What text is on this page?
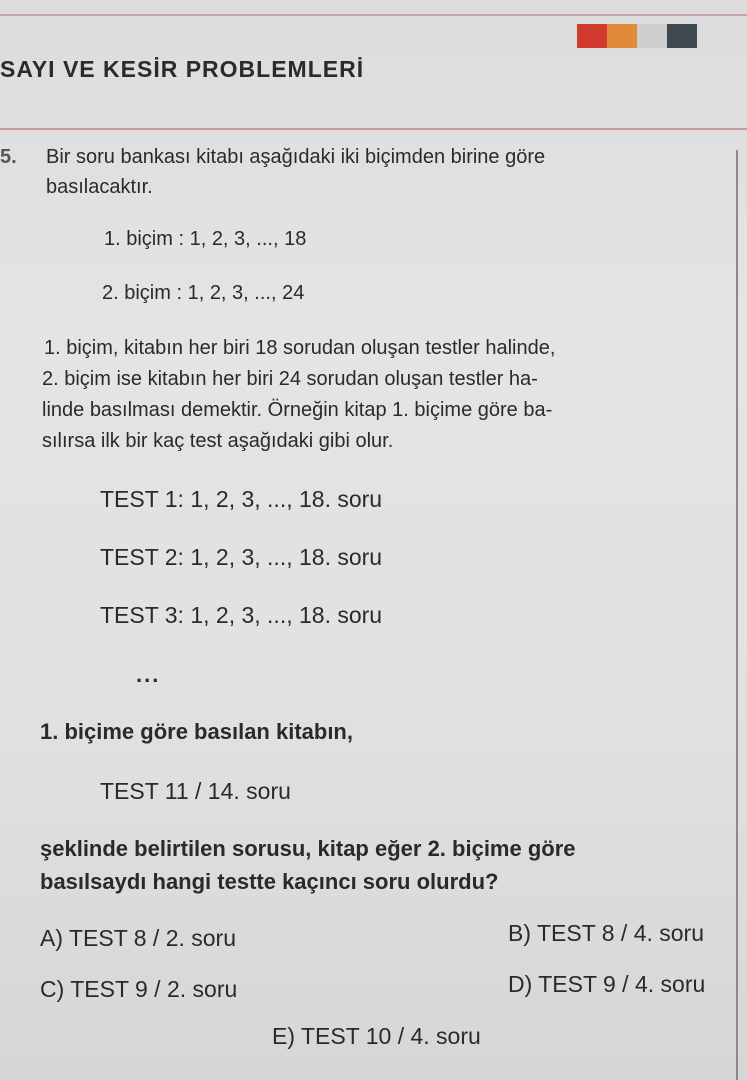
SAYI VE KESİR PROBLEMLERİ
5. Bir soru bankası kitabı aşağıdaki iki biçimden birine göre
basılacaktır.
1. biçim : 1, 2, 3, ..., 18
2. biçim : 1, 2, 3, ..., 24
1. biçim, kitabın her biri 18 sorudan oluşan testler halinde,
2. biçim ise kitabın her biri 24 sorudan oluşan testler ha-
linde basılması demektir. Örneğin kitap 1. biçime göre ba-
sılırsa ilk bir kaç test aşağıdaki gibi olur.
TEST 1: 1, 2, 3, ..., 18. soru
TEST 2: 1, 2, 3, ..., 18. soru
TEST 3: 1, 2, 3, ..., 18. soru
...
1. biçime göre basılan kitabın,
TEST 11 / 14. soru
şeklinde belirtilen sorusu, kitap eğer 2. biçime göre
basılsaydı hangi testte kaçıncı soru olurdu?
A) TEST 8 / 2. soru	B) TEST 8 / 4. soru
C) TEST 9 / 2. soru	D) TEST 9 / 4. soru
E) TEST 10 / 4. soru
